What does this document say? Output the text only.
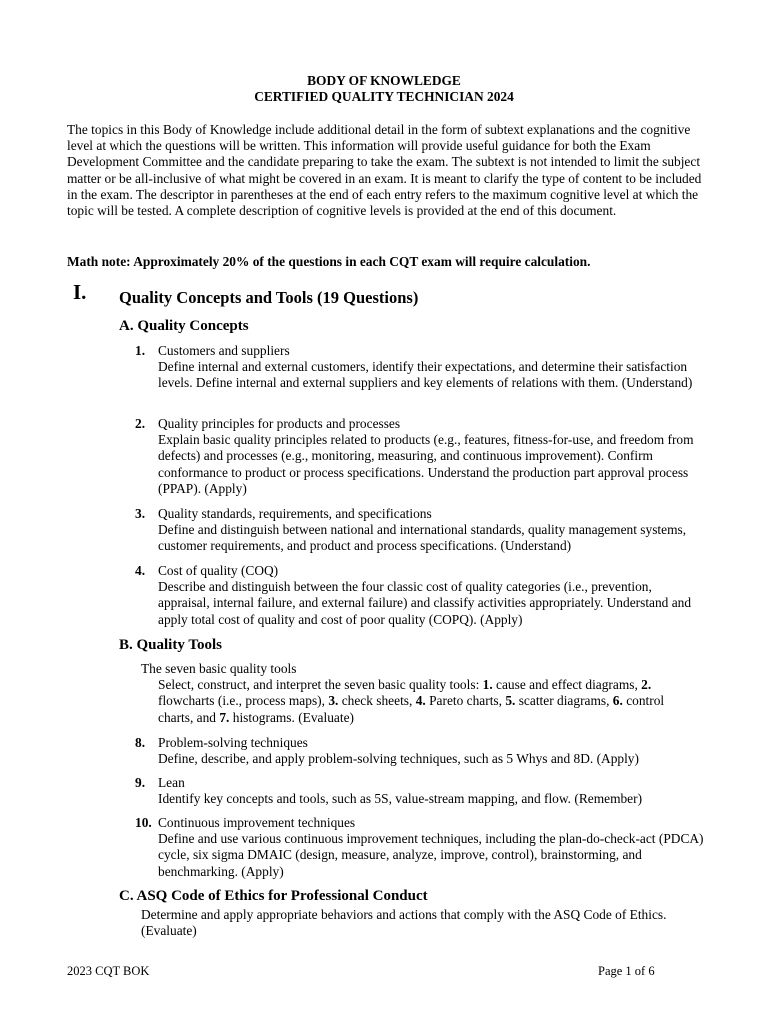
BODY OF KNOWLEDGE
CERTIFIED QUALITY TECHNICIAN 2024

The topics in this Body of Knowledge include additional detail in the form of subtext explanations and the cognitive level at which the questions will be written. This information will provide useful guidance for both the Exam Development Committee and the candidate preparing to take the exam. The subtext is not intended to limit the subject matter or be all-inclusive of what might be covered in an exam. It is meant to clarify the type of content to be included in the exam. The descriptor in parentheses at the end of each entry refers to the maximum cognitive level at which the topic will be tested. A complete description of cognitive levels is provided at the end of this document.

Math note: Approximately 20% of the questions in each CQT exam will require calculation.
I. Quality Concepts and Tools (19 Questions)
A. Quality Concepts
1. Customers and suppliers
Define internal and external customers, identify their expectations, and determine their satisfaction levels. Define internal and external suppliers and key elements of relations with them. (Understand)
2. Quality principles for products and processes
Explain basic quality principles related to products (e.g., features, fitness-for-use, and freedom from defects) and processes (e.g., monitoring, measuring, and continuous improvement). Confirm conformance to product or process specifications. Understand the production part approval process (PPAP). (Apply)
3. Quality standards, requirements, and specifications
Define and distinguish between national and international standards, quality management systems, customer requirements, and product and process specifications. (Understand)
4. Cost of quality (COQ)
Describe and distinguish between the four classic cost of quality categories (i.e., prevention, appraisal, internal failure, and external failure) and classify activities appropriately. Understand and apply total cost of quality and cost of poor quality (COPQ). (Apply)
B. Quality Tools
The seven basic quality tools
Select, construct, and interpret the seven basic quality tools: 1. cause and effect diagrams, 2. flowcharts (i.e., process maps), 3. check sheets, 4. Pareto charts, 5. scatter diagrams, 6. control charts, and 7. histograms. (Evaluate)
8. Problem-solving techniques
Define, describe, and apply problem-solving techniques, such as 5 Whys and 8D. (Apply)
9. Lean
Identify key concepts and tools, such as 5S, value-stream mapping, and flow. (Remember)
10. Continuous improvement techniques
Define and use various continuous improvement techniques, including the plan-do-check-act (PDCA) cycle, six sigma DMAIC (design, measure, analyze, improve, control), brainstorming, and benchmarking. (Apply)
C. ASQ Code of Ethics for Professional Conduct
Determine and apply appropriate behaviors and actions that comply with the ASQ Code of Ethics. (Evaluate)
2023 CQT BOK	Page 1 of 6
